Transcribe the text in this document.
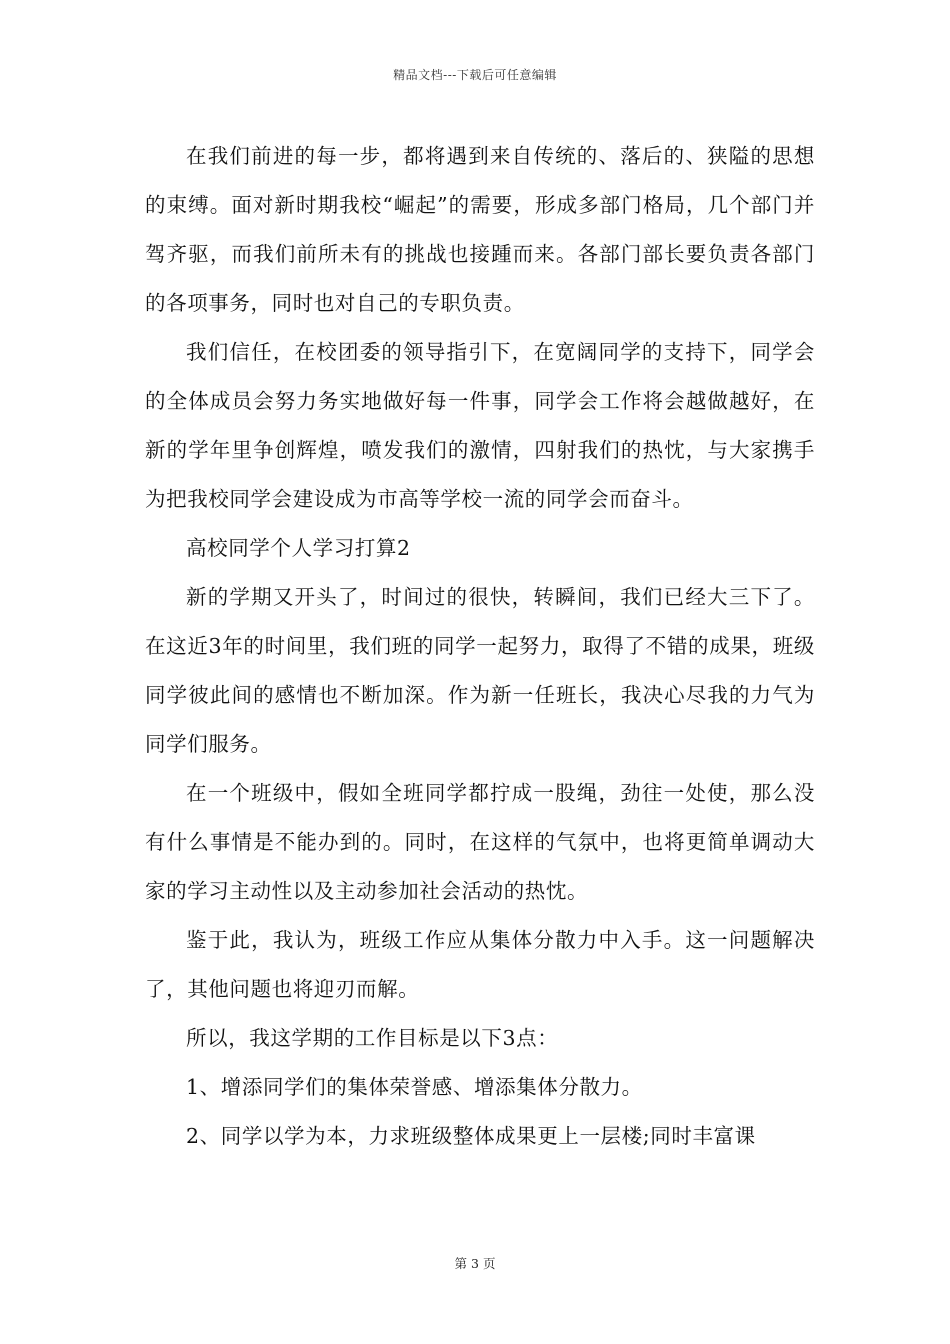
精品文档---下载后可任意编辑

在我们前进的每一步，都将遇到来自传统的、落后的、狭隘的思想的束缚。面对新时期我校“崛起”的需要，形成多部门格局，几个部门并驾齐驱，而我们前所未有的挑战也接踵而来。各部门部长要负责各部门的各项事务，同时也对自己的专职负责。

我们信任，在校团委的领导指引下，在宽阔同学的支持下，同学会的全体成员会努力务实地做好每一件事，同学会工作将会越做越好，在新的学年里争创辉煌，喷发我们的激情，四射我们的热忱，与大家携手为把我校同学会建设成为市高等学校一流的同学会而奋斗。

高校同学个人学习打算2

新的学期又开头了，时间过的很快，转瞬间，我们已经大三下了。在这近3年的时间里，我们班的同学一起努力，取得了不错的成果，班级同学彼此间的感情也不断加深。作为新一任班长，我决心尽我的力气为同学们服务。

在一个班级中，假如全班同学都拧成一股绳，劲往一处使，那么没有什么事情是不能办到的。同时，在这样的气氛中，也将更简单调动大家的学习主动性以及主动参加社会活动的热忱。

鉴于此，我认为，班级工作应从集体分散力中入手。这一问题解决了，其他问题也将迎刃而解。

所以，我这学期的工作目标是以下3点：

1、增添同学们的集体荣誉感、增添集体分散力。

2、同学以学为本，力求班级整体成果更上一层楼;同时丰富课

第 3 页
